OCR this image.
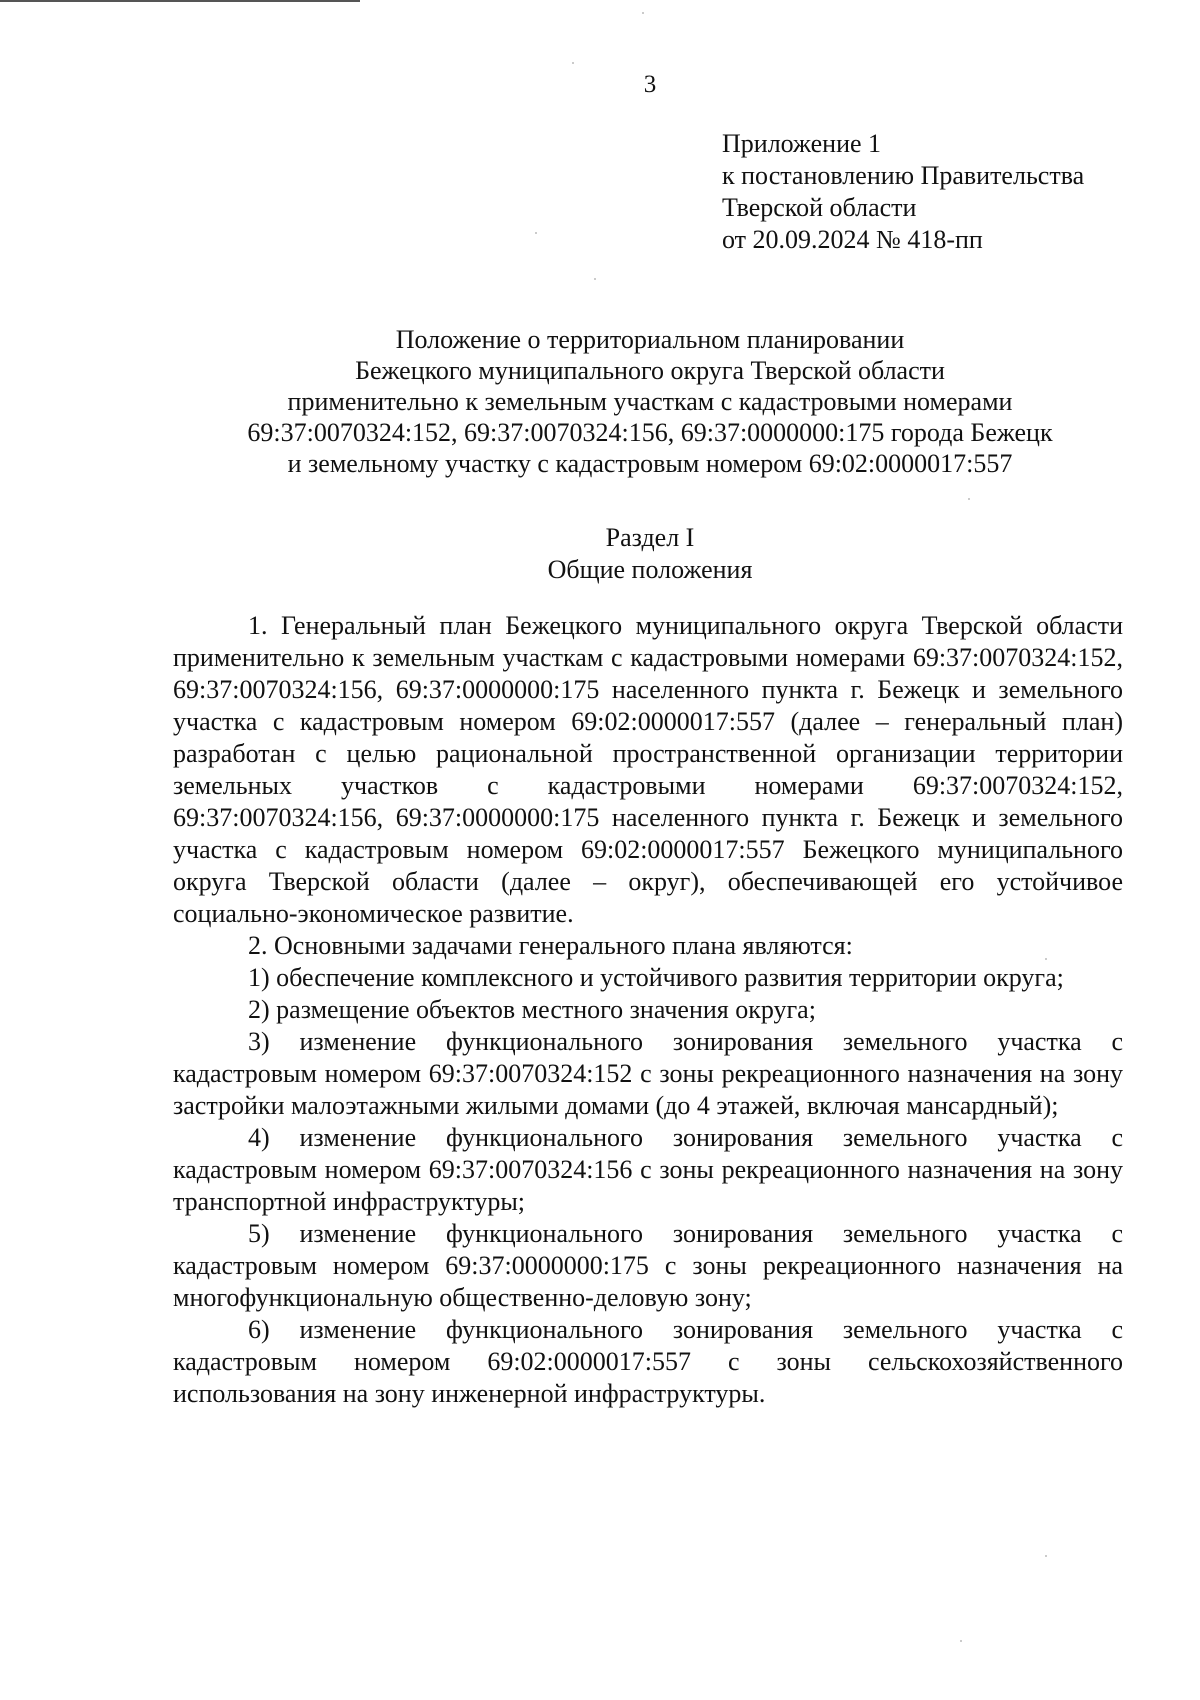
3
Приложение 1
к постановлению Правительства
Тверской области
от 20.09.2024 № 418-пп
Положение о территориальном планировании
Бежецкого муниципального округа Тверской области
применительно к земельным участкам с кадастровыми номерами
69:37:0070324:152, 69:37:0070324:156, 69:37:0000000:175 города Бежецк
и земельному участку с кадастровым номером 69:02:0000017:557
Раздел I
Общие положения

1. Генеральный план Бежецкого муниципального округа Тверской области применительно к земельным участкам с кадастровыми номерами 69:37:0070324:152, 69:37:0070324:156, 69:37:0000000:175 населенного пункта г. Бежецк и земельного участка с кадастровым номером 69:02:0000017:557 (далее – генеральный план) разработан с целью рациональной пространственной организации территории земельных участков с кадастровыми номерами 69:37:0070324:152, 69:37:0070324:156, 69:37:0000000:175 населенного пункта г. Бежецк и земельного участка с кадастровым номером 69:02:0000017:557 Бежецкого муниципального округа Тверской области (далее – округ), обеспечивающей его устойчивое социально-экономическое развитие.

2. Основными задачами генерального плана являются:

1) обеспечение комплексного и устойчивого развития территории округа;

2) размещение объектов местного значения округа;

3) изменение функционального зонирования земельного участка с кадастровым номером 69:37:0070324:152 с зоны рекреационного назначения на зону застройки малоэтажными жилыми домами (до 4 этажей, включая мансардный);

4) изменение функционального зонирования земельного участка с кадастровым номером 69:37:0070324:156 с зоны рекреационного назначения на зону транспортной инфраструктуры;

5) изменение функционального зонирования земельного участка с кадастровым номером 69:37:0000000:175 с зоны рекреационного назначения на многофункциональную общественно-деловую зону;

6) изменение функционального зонирования земельного участка с кадастровым номером 69:02:0000017:557 с зоны сельскохозяйственного использования на зону инженерной инфраструктуры.
